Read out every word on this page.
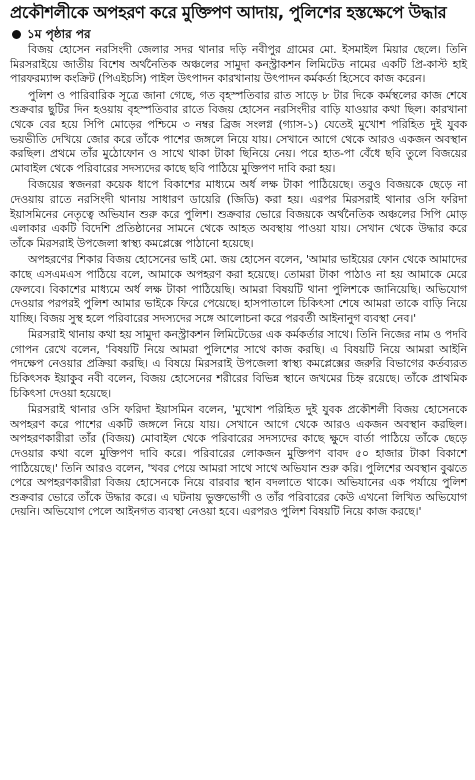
প্রকৌশলীকে অপহরণ করে মুক্তিপণ আদায়, পুলিশের হস্তক্ষেপে উদ্ধার
১ম পৃষ্ঠার পর

বিজয় হোসেন নরসিংদী জেলার সদর থানার দড়ি নবীপুর গ্রামের মো. ইসমাইল মিয়ার ছেলে। তিনি মিরসরাইয়ে জাতীয় বিশেষ অর্থনৈতিক অঞ্চলের সামুদা কনস্ট্রাকশন লিমিটেড নামের একটি প্রি-কাস্ট হাই পারফরম্যান্স কংক্রিট (পিএইচসি) পাইল উৎপাদন কারখানায় উৎপাদন কর্মকর্তা হিসেবে কাজ করেন।

পুলিশ ও পারিবারিক সূত্রে জানা গেছে, গত বৃহস্পতিবার রাত সাড়ে ৮ টার দিকে কর্মস্থলের কাজ শেষে শুক্রবার ছুটির দিন হওয়ায় বৃহস্পতিবার রাতে বিজয় হোসেন নরসিংদীর বাড়ি যাওয়ার কথা ছিল। কারখানা থেকে বের হয়ে সিপি মোড়ের পশ্চিমে ৩ নম্বর ব্রিজ সংলগ্ন (গ্যাস-১) যেতেই মুখোশ পরিহিত দুই যুবক ভয়ভীতি দেখিয়ে জোর করে তাঁকে পাশের জঙ্গলে নিয়ে যায়। সেখানে আগে থেকে আরও একজন অবস্থান করছিল। প্রথমে তাঁর মুঠোফোন ও সাথে থাকা টাকা ছিনিয়ে নেয়। পরে হাত-পা বেঁধে ছবি তুলে বিজয়ের মোবাইল থেকে পরিবারের সদস্যদের কাছে ছবি পাঠিয়ে মুক্তিপণ দাবি করা হয়।

বিজয়ের স্বজনরা কয়েক ধাপে বিকাশের মাধ্যমে অর্ধ লক্ষ টাকা পাঠিয়েছে। তবুও বিজয়কে ছেড়ে না দেওয়ায় রাতে নরসিংদী থানায় সাধারণ ডায়েরি (জিডি) করা হয়। এরপর মিরসরাই থানার ওসি ফরিদা ইয়াসমিনের নেতৃত্বে অভিযান শুরু করে পুলিশ। শুক্রবার ভোরে বিজয়কে অর্থনৈতিক অঞ্চলের সিপি মোড় এলাকার একটি বিদেশি প্রতিষ্ঠানের সামনে থেকে আহত অবস্থায় পাওয়া যায়। সেখান থেকে উদ্ধার করে তাঁকে মিরসরাই উপজেলা স্বাস্থ্য কমপ্লেক্সে পাঠানো হয়েছে।

অপহরণের শিকার বিজয় হোসেনের ভাই মো. জয় হোসেন বলেন, 'আমার ভাইয়ের ফোন থেকে আমাদের কাছে এসএমএস পাঠিয়ে বলে, আমাকে অপহরণ করা হয়েছে। তোমরা টাকা পাঠাও না হয় আমাকে মেরে ফেলবে। বিকাশের মাধ্যমে অর্ধ লক্ষ টাকা পাঠিয়েছি। আমরা বিষয়টি থানা পুলিশকে জানিয়েছি। অভিযোগ দেওয়ার পরপরই পুলিশ আমার ভাইকে ফিরে পেয়েছে। হাসপাতালে চিকিৎসা শেষে আমরা তাকে বাড়ি নিয়ে যাচ্ছি। বিজয় সুস্থ হলে পরিবারের সদস্যদের সঙ্গে আলোচনা করে পরবর্তী আইনানুগ ব্যবস্থা নেব।'

মিরসরাই থানায় কথা হয় সামুদা কনস্ট্রাকশন লিমিটেডের এক কর্মকর্তার সাথে। তিনি নিজের নাম ও পদবি গোপন রেখে বলেন, 'বিষয়টি নিয়ে আমরা পুলিশের সাথে কাজ করছি। এ বিষয়টি নিয়ে আমরা আইনি পদক্ষেপ নেওয়ার প্রক্রিয়া করছি। এ বিষয়ে মিরসরাই উপজেলা স্বাস্থ্য কমপ্লেক্সের জরুরি বিভাগের কর্তব্যরত চিকিৎসক ইয়াকুব নবী বলেন, বিজয় হোসেনের শরীরের বিভিন্ন স্থানে জখমের চিহ্ন রয়েছে। তাঁকে প্রাথমিক চিকিৎসা দেওয়া হয়েছে।

মিরসরাই থানার ওসি ফরিদা ইয়াসমিন বলেন, 'মুখোশ পরিহিত দুই যুবক প্রকৌশলী বিজয় হোসেনকে অপহরণ করে পাশের একটি জঙ্গলে নিয়ে যায়। সেখানে আগে থেকে আরও একজন অবস্থান করছিল। অপহরণকারীরা তাঁর (বিজয়) মোবাইল থেকে পরিবারের সদস্যদের কাছে ক্ষুদে বার্তা পাঠিয়ে তাঁকে ছেড়ে দেওয়ার কথা বলে মুক্তিপণ দাবি করে। পরিবারের লোকজন মুক্তিপণ বাবদ ৫০ হাজার টাকা বিকাশে পাঠিয়েছে।' তিনি আরও বলেন, 'খবর পেয়ে আমরা সাথে সাথে অভিযান শুরু করি। পুলিশের অবস্থান বুঝতে পেরে অপহরণকারীরা বিজয় হোসেনকে নিয়ে বারবার স্থান বদলাতে থাকে। অভিযানের এক পর্যায়ে পুলিশ শুক্রবার ভোরে তাঁকে উদ্ধার করে। এ ঘটনায় ভুক্তভোগী ও তাঁর পরিবারের কেউ এখনো লিখিত অভিযোগ দেয়নি। অভিযোগ পেলে আইনগত ব্যবস্থা নেওয়া হবে। এরপরও পুলিশ বিষয়টি নিয়ে কাজ করছে।'
